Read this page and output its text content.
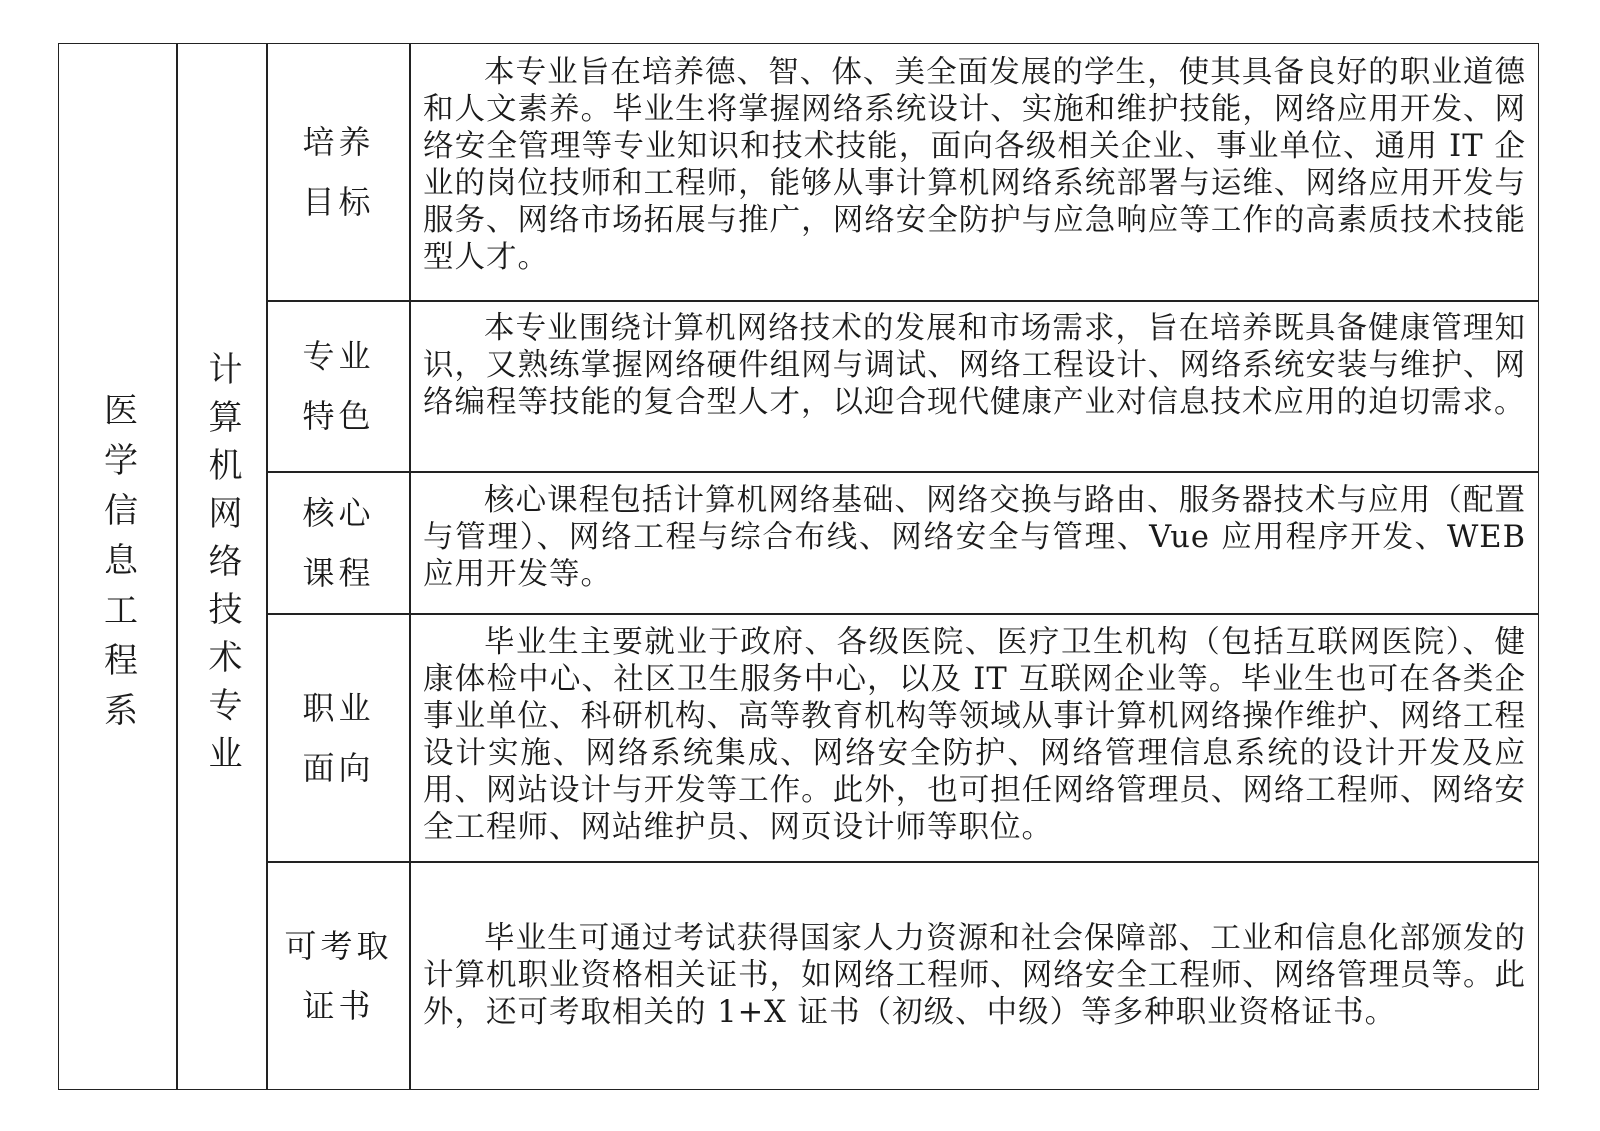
医学信息工程系 计算机网络技术专业
培养
目标

本专业旨在培养德、智、体、美全面发展的学生，使其具备良好的职业道德和人文素养。毕业生将掌握网络系统设计、实施和维护技能，网络应用开发、网络安全管理等专业知识和技术技能，面向各级相关企业、事业单位、通用 IT 企业的岗位技师和工程师，能够从事计算机网络系统部署与运维、网络应用开发与服务、网络市场拓展与推广，网络安全防护与应急响应等工作的高素质技术技能型人才。

专业
特色

本专业围绕计算机网络技术的发展和市场需求，旨在培养既具备健康管理知识，又熟练掌握网络硬件组网与调试、网络工程设计、网络系统安装与维护、网络编程等技能的复合型人才，以迎合现代健康产业对信息技术应用的迫切需求。

核心
课程

核心课程包括计算机网络基础、网络交换与路由、服务器技术与应用（配置与管理）、网络工程与综合布线、网络安全与管理、Vue 应用程序开发、WEB 应用开发等。

职业
面向

毕业生主要就业于政府、各级医院、医疗卫生机构（包括互联网医院）、健康体检中心、社区卫生服务中心，以及 IT 互联网企业等。毕业生也可在各类企事业单位、科研机构、高等教育机构等领域从事计算机网络操作维护、网络工程设计实施、网络系统集成、网络安全防护、网络管理信息系统的设计开发及应用、网站设计与开发等工作。此外，也可担任网络管理员、网络工程师、网络安全工程师、网站维护员、网页设计师等职位。

可考取
证书

毕业生可通过考试获得国家人力资源和社会保障部、工业和信息化部颁发的计算机职业资格相关证书，如网络工程师、网络安全工程师、网络管理员等。此外，还可考取相关的 1+X 证书（初级、中级）等多种职业资格证书。
